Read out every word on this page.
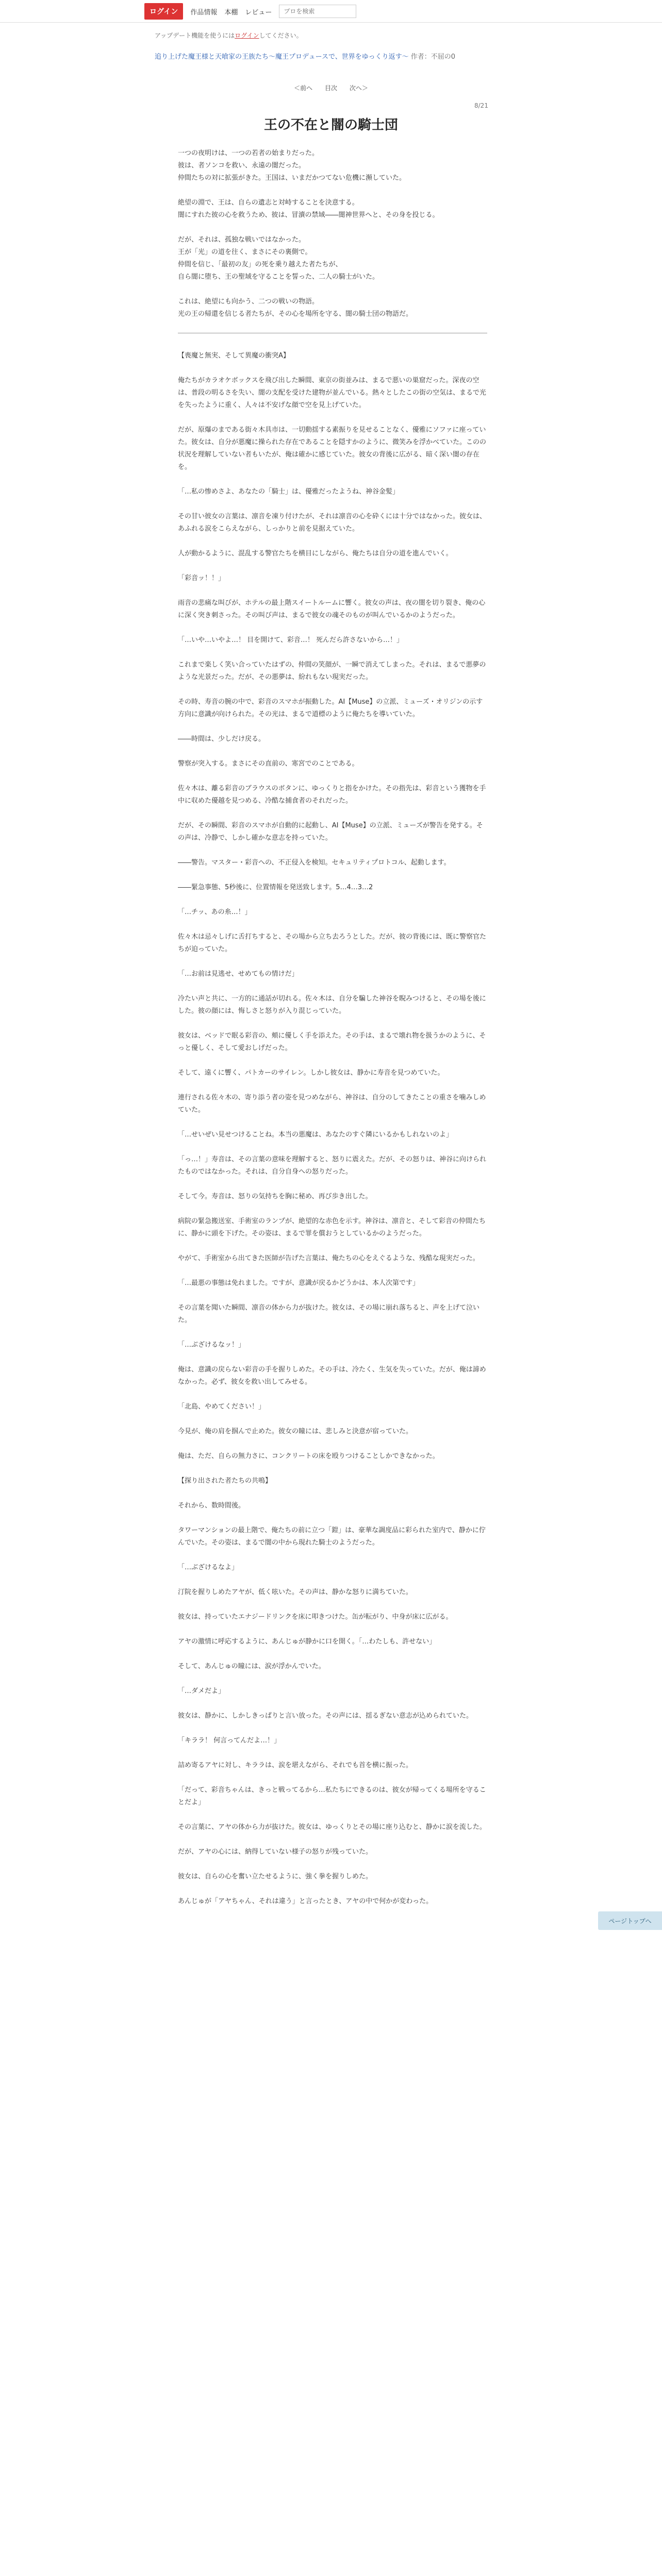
ログイン	作品情報 本棚 レビュー
プロを検索
アップデート機能を使うにはログインしてください。
追り上げた魔王様と天喰家の王族たち～魔王プロデュースで、世界をゆっくり返す～ 作者：不屈の0
＜前へ 目次 次へ＞
8/21
王の不在と闇の騎士団

一つの夜明けは、一つの若者の始まりだった。
彼は、者ソンコを救い、永遠の闇だった。
仲間たちの対に拡張がきた。王国は、いまだかつてない危機に瀕していた。

絶望の淵で、王は、自らの遺志と対峙することを決意する。
闇にすれた彼の心を救うため、彼は、冒瀆の禁域――闇神世界へと、その身を投じる。

だが、それは、孤独な戦いではなかった。
王が「光」の道を往く、まさにその裏側で。
仲間を信じ、「最初の友」の死を乗り越えた者たちが、
自ら闇に堕ち、王の聖域を守ることを誓った、二人の騎士がいた。

これは、絶望にも向かう、二つの戦いの物語。
光の王の帰還を信じる者たちが、その心を場所を守る、闇の騎士団の物語だ。

【喪魔と無実、そして異魔の衝突A】

俺たちがカラオケボックスを飛び出した瞬間、東京の街並みは、まるで悪いの巣窟だった。深夜の空は、普段の明るさを失い、闇の支配を受けた建物が並んでいる。熱々としたこの街の空気は、まるで光を失ったように重く、人々は不安げな顔で空を見上げていた。

だが、原爆のまである街々木具市は、一切動揺する素振りを見せることなく、優雅にソファに座っていた。彼女は、自分が悪魔に操られた存在であることを隠すかのように、微笑みを浮かべていた。このの状況を理解していない者もいたが、俺は確かに感じていた。彼女の背後に広がる、暗く深い闇の存在を。

「…私の惨めさよ、あなたの「騎士」は、優雅だったようね、神谷金髪」

その甘い彼女の言葉は、凛音を凍り付けたが、それは凛音の心を砕くには十分ではなかった。彼女は、あふれる涙をこらえながら、しっかりと前を見据えていた。

人が動かるように、混乱する警官たちを横目にしながら、俺たちは自分の道を進んでいく。

「彩音ッ！！」

雨音の悲痛な叫びが、ホテルの最上階スイートルームに響く。彼女の声は、夜の闇を切り裂き、俺の心に深く突き刺さった。その叫び声は、まるで彼女の魂そのものが叫んでいるかのようだった。

「…いや…いやよ…！ 目を開けて、彩音…！ 死んだら許さないから…！」

これまで楽しく笑い合っていたはずの、仲間の笑顔が、一瞬で消えてしまった。それは、まるで悪夢のような光景だった。だが、その悪夢は、紛れもない現実だった。

その時、寿音の腕の中で、彩音のスマホが振動した。AI【Muse】の立派、ミューズ・オリジンの示す方向に意識が向けられた。その光は、まるで道標のように俺たちを導いていた。

――時間は、少しだけ戻る。

警察が突入する。まさにその直前の、寒宮でのことである。

佐々木は、離る彩音のブラウスのボタンに、ゆっくりと指をかけた。その指先は、彩音という獲物を手中に収めた優越を見つめる、冷酷な捕食者のそれだった。

だが、その瞬間、彩音のスマホが自動的に起動し、AI【Muse】の立派、ミューズが警告を発する。その声は、冷静で、しかし確かな意志を持っていた。

――警告。マスター・彩音への、不正侵入を検知。セキュリティプロトコル、起動します。

――緊急事態、5秒後に、位置情報を発送致します。5…4…3…2

「…チッ、あの糸…！」

佐々木は忌々しげに舌打ちすると、その場から立ち去ろうとした。だが、彼の背後には、既に警察官たちが迫っていた。

「…お前は見逃せ、せめてもの情けだ」

冷たい声と共に、一方的に通話が切れる。佐々木は、自分を騙した神谷を睨みつけると、その場を後にした。彼の顔には、悔しさと怒りが入り混じっていた。

彼女は、ベッドで眠る彩音の、頬に優しく手を添えた。その手は、まるで壊れ物を扱うかのように、そっと優しく、そして愛おしげだった。

そして、遠くに響く、パトカーのサイレン。しかし彼女は、静かに寿音を見つめていた。

連行される佐々木の、寄り添う者の姿を見つめながら、神谷は、自分のしてきたことの重さを噛みしめていた。

「…せいぜい見せつけることね。本当の悪魔は、あなたのすぐ隣にいるかもしれないのよ」

「っ…！」寿音は、その言葉の意味を理解すると、怒りに震えた。だが、その怒りは、神谷に向けられたものではなかった。それは、自分自身への怒りだった。

そして今。寿音は、怒りの気持ちを胸に秘め、再び歩き出した。

病院の緊急搬送室、手術室のランプが、絶望的な赤色を示す。神谷は、凛音と、そして彩音の仲間たちに、静かに頭を下げた。その姿は、まるで罪を償おうとしているかのようだった。

やがて、手術室から出てきた医師が告げた言葉は、俺たちの心をえぐるような、残酷な現実だった。

「…最悪の事態は免れました。ですが、意識が戻るかどうかは、本人次第です」

その言葉を聞いた瞬間、凛音の体から力が抜けた。彼女は、その場に崩れ落ちると、声を上げて泣いた。

「…ぶざけるなッ！」

俺は、意識の戻らない彩音の手を握りしめた。その手は、冷たく、生気を失っていた。だが、俺は諦めなかった。必ず、彼女を救い出してみせる。

「北島、やめてください！」

今見が、俺の肩を掴んで止めた。彼女の瞳には、悲しみと決意が宿っていた。

俺は、ただ、自らの無力さに、コンクリートの床を殴りつけることしかできなかった。

【探り出された者たちの共鳴】

それから、数時間後。

タワーマンションの最上階で、俺たちの前に立つ「鎧」は、豪華な調度品に彩られた室内で、静かに佇んでいた。その姿は、まるで闇の中から現れた騎士のようだった。

「…ぶざけるなよ」

汀院を握りしめたアヤが、低く呟いた。その声は、静かな怒りに満ちていた。

彼女は、持っていたエナジードリンクを床に叩きつけた。缶が転がり、中身が床に広がる。

アヤの激情に呼応するように、あんじゅが静かに口を開く。「…わたしも、許せない」

そして、あんじゅの瞳には、涙が浮かんでいた。

「…ダメだよ」

彼女は、静かに、しかしきっぱりと言い放った。その声には、揺るぎない意志が込められていた。

「キララ！ 何言ってんだよ…！」

詰め寄るアヤに対し、キララは、涙を堪えながら、それでも首を横に振った。

「だって、彩音ちゃんは、きっと戦ってるから…私たちにできるのは、彼女が帰ってくる場所を守ることだよ」

その言葉に、アヤの体から力が抜けた。彼女は、ゆっくりとその場に座り込むと、静かに涙を流した。

だが、アヤの心には、納得していない様子の怒りが残っていた。

彼女は、自らの心を奮い立たせるように、強く拳を握りしめた。

あんじゅが「アヤちゃん、それは違う」と言ったとき、アヤの中で何かが変わった。

ページトップへ
